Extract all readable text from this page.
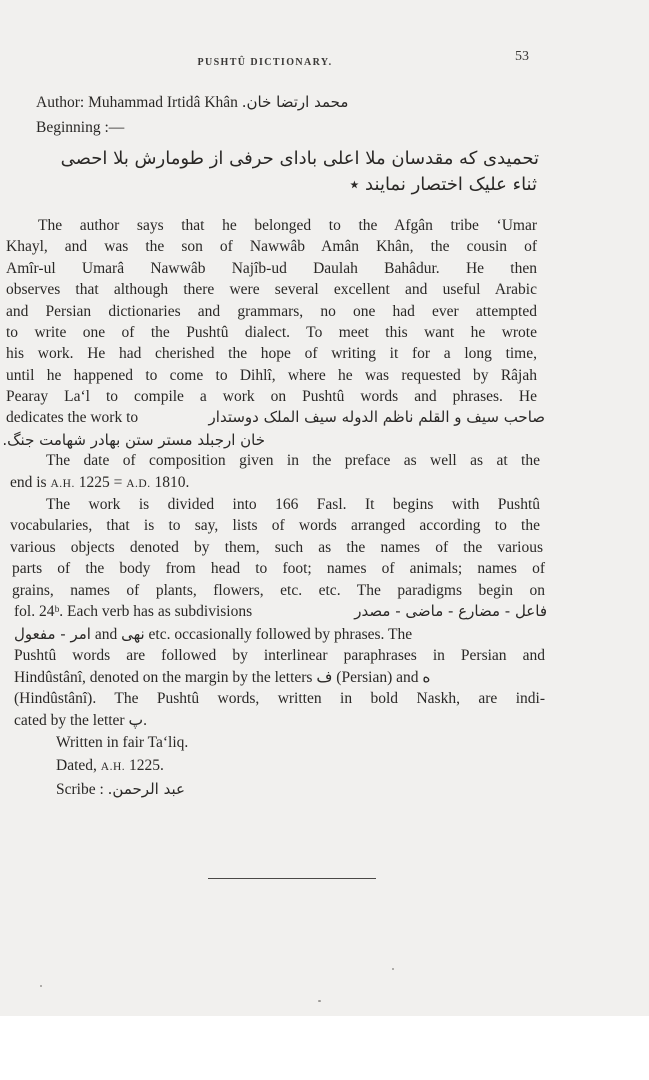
PUSHTÛ DICTIONARY.	53
Author: Muhammad Irtidâ Khân محمد ارتضا خان.
Beginning :—
تحمیدی که مقدسان ملا اعلی بادای حرفی از طومارش بلا احصی
ثناء علیک اختصار نمایند ٭
The author says that he belonged to the Afgân tribe ‘Umar
Khayl, and was the son of Nawwâb Amân Khân, the cousin of
Amîr-ul Umarâ Nawwâb Najîb-ud Daulah Bahâdur. He then
observes that although there were several excellent and useful Arabic
and Persian dictionaries and grammars, no one had ever attempted
to write one of the Pushtû dialect. To meet this want he wrote
his work. He had cherished the hope of writing it for a long time,
until he happened to come to Dihlî, where he was requested by Râjah
Pearay La‘l to compile a work on Pushtû words and phrases. He
dedicates the work to	صاحب سیف و القلم ناظم الدوله سیف الملک دوستدار
خان ارجبلد مستر ستن بهادر شهامت جنگ.
The date of composition given in the preface as well as at the
end is A.H. 1225 = A.D. 1810.
The work is divided into 166 Fasl. It begins with Pushtû
vocabularies, that is to say, lists of words arranged according to the
various objects denoted by them, such as the names of the various
parts of the body from head to foot; names of animals; names of
grains, names of plants, flowers, etc. etc. The paradigms begin on
fol. 24ᵇ. Each verb has as subdivisions	فاعل - مضارع - ماضی - مصدر
امر - مفعول and نهی etc. occasionally followed by phrases. The
Pushtû words are followed by interlinear paraphrases in Persian and
Hindûstânî, denoted on the margin by the letters ف (Persian) and ه
(Hindûstânî). The Pushtû words, written in bold Naskh, are indi-
cated by the letter پ.
Written in fair Ta‘liq.
Dated, A.H. 1225.
Scribe : عبد الرحمن.
